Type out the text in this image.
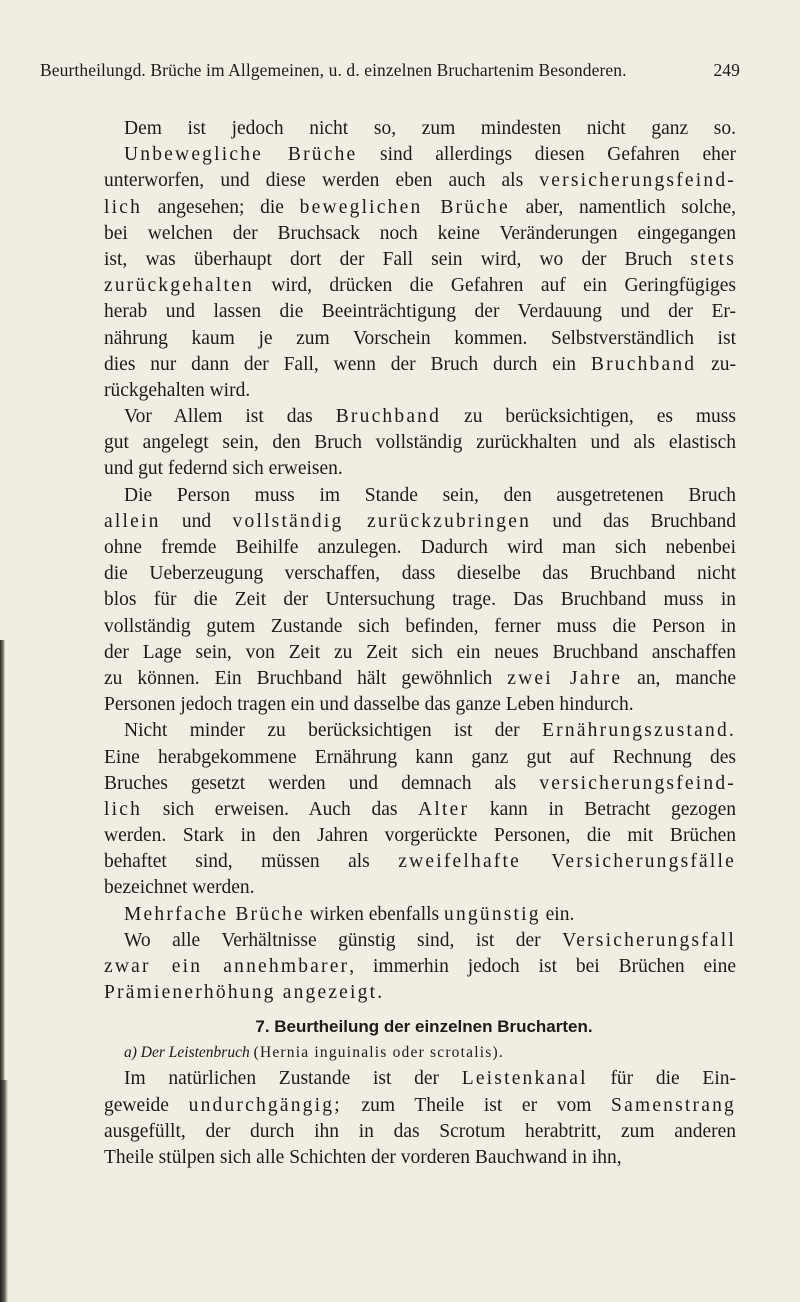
Beurtheilungd. Brüche im Allgemeinen, u. d. einzelnen Bruchartenim Besonderen.	249
Dem ist jedoch nicht so, zum mindesten nicht ganz so.
Unbewegliche Brüche sind allerdings diesen Gefahren eher
unterworfen, und diese werden eben auch als versicherungsfeind-
lich angesehen; die beweglichen Brüche aber, namentlich solche,
bei welchen der Bruchsack noch keine Veränderungen eingegangen
ist, was überhaupt dort der Fall sein wird, wo der Bruch stets
zurückgehalten wird, drücken die Gefahren auf ein Geringfügiges
herab und lassen die Beeinträchtigung der Verdauung und der Er-
nährung kaum je zum Vorschein kommen. Selbstverständlich ist
dies nur dann der Fall, wenn der Bruch durch ein Bruchband zu-
rückgehalten wird.
Vor Allem ist das Bruchband zu berücksichtigen, es muss
gut angelegt sein, den Bruch vollständig zurückhalten und als elastisch
und gut federnd sich erweisen.
Die Person muss im Stande sein, den ausgetretenen Bruch
allein und vollständig zurückzubringen und das Bruchband
ohne fremde Beihilfe anzulegen. Dadurch wird man sich nebenbei
die Ueberzeugung verschaffen, dass dieselbe das Bruchband nicht
blos für die Zeit der Untersuchung trage. Das Bruchband muss in
vollständig gutem Zustande sich befinden, ferner muss die Person in
der Lage sein, von Zeit zu Zeit sich ein neues Bruchband anschaffen
zu können. Ein Bruchband hält gewöhnlich zwei Jahre an, manche
Personen jedoch tragen ein und dasselbe das ganze Leben hindurch.
Nicht minder zu berücksichtigen ist der Ernährungszustand.
Eine herabgekommene Ernährung kann ganz gut auf Rechnung des
Bruches gesetzt werden und demnach als versicherungsfeind-
lich sich erweisen. Auch das Alter kann in Betracht gezogen
werden. Stark in den Jahren vorgerückte Personen, die mit Brüchen
behaftet sind, müssen als zweifelhafte Versicherungsfälle
bezeichnet werden.
Mehrfache Brüche wirken ebenfalls ungünstig ein.
Wo alle Verhältnisse günstig sind, ist der Versicherungsfall
zwar ein annehmbarer, immerhin jedoch ist bei Brüchen eine
Prämienerhöhung angezeigt.
7. Beurtheilung der einzelnen Brucharten.
a) Der Leistenbruch (Hernia inguinalis oder scrotalis).
Im natürlichen Zustande ist der Leistenkanal für die Ein-
geweide undurchgängig; zum Theile ist er vom Samenstrang
ausgefüllt, der durch ihn in das Scrotum herabtritt, zum anderen
Theile stülpen sich alle Schichten der vorderen Bauchwand in ihn,
